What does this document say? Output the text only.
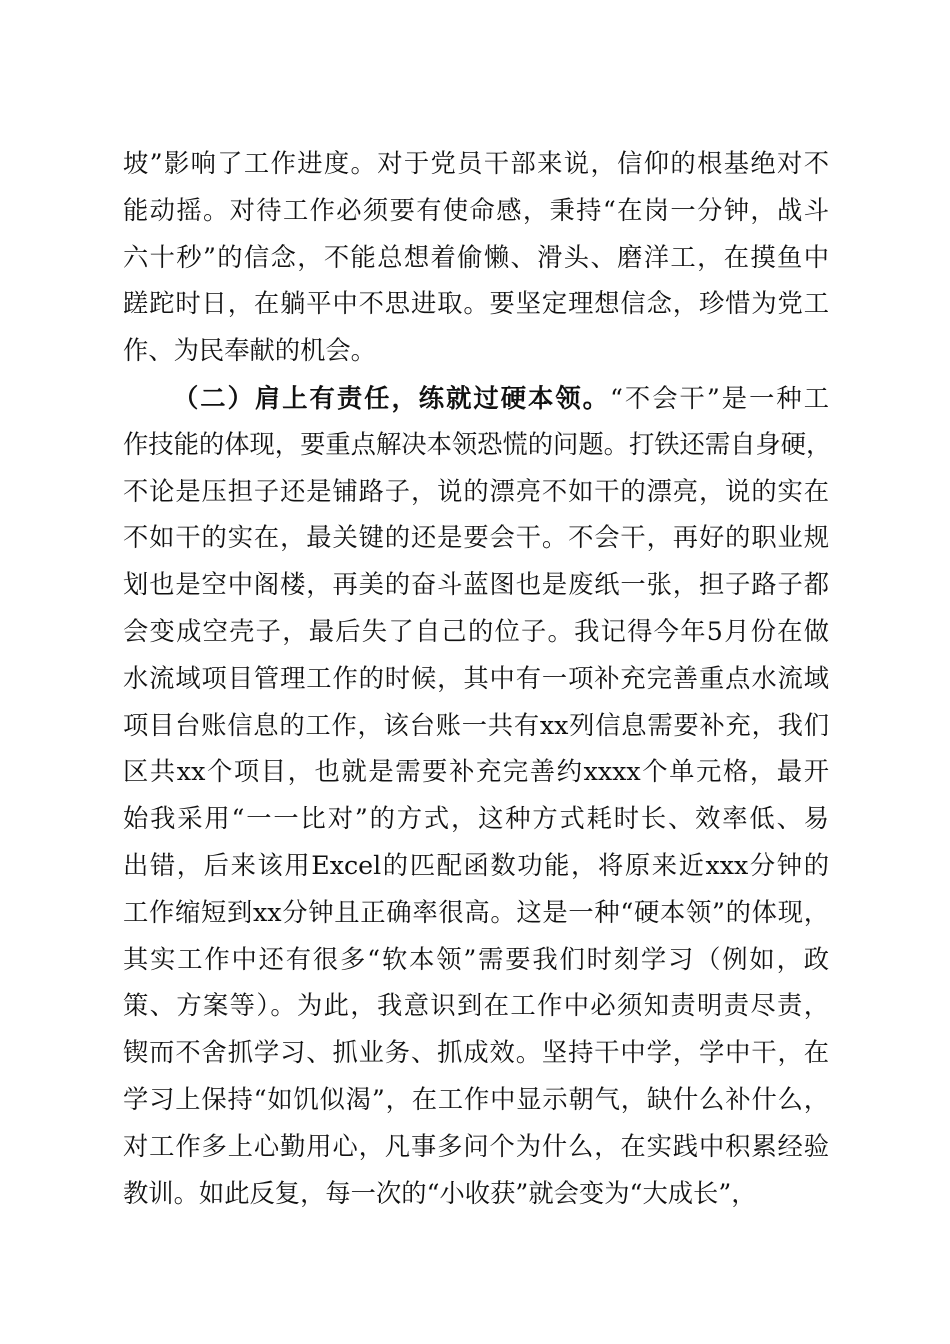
坡”影响了工作进度。对于党员干部来说，信仰的根基绝对不
能动摇。对待工作必须要有使命感，秉持“在岗一分钟，战斗
六十秒”的信念，不能总想着偷懒、滑头、磨洋工，在摸鱼中
蹉跎时日，在躺平中不思进取。要坚定理想信念，珍惜为党工
作、为民奉献的机会。
（二）肩上有责任，练就过硬本领。“不会干”是一种工
作技能的体现，要重点解决本领恐慌的问题。打铁还需自身硬，
不论是压担子还是铺路子，说的漂亮不如干的漂亮，说的实在
不如干的实在，最关键的还是要会干。不会干，再好的职业规
划也是空中阁楼，再美的奋斗蓝图也是废纸一张，担子路子都
会变成空壳子，最后失了自己的位子。我记得今年5月份在做
水流域项目管理工作的时候，其中有一项补充完善重点水流域
项目台账信息的工作，该台账一共有xx列信息需要补充，我们
区共xx个项目，也就是需要补充完善约xxxx个单元格，最开
始我采用“一一比对”的方式，这种方式耗时长、效率低、易
出错，后来该用Excel的匹配函数功能，将原来近xxx分钟的
工作缩短到xx分钟且正确率很高。这是一种“硬本领”的体现，
其实工作中还有很多“软本领”需要我们时刻学习（例如，政
策、方案等）。为此，我意识到在工作中必须知责明责尽责，
锲而不舍抓学习、抓业务、抓成效。坚持干中学，学中干，在
学习上保持“如饥似渴”，在工作中显示朝气，缺什么补什么，
对工作多上心勤用心，凡事多问个为什么，在实践中积累经验
教训。如此反复，每一次的“小收获”就会变为“大成长”，
